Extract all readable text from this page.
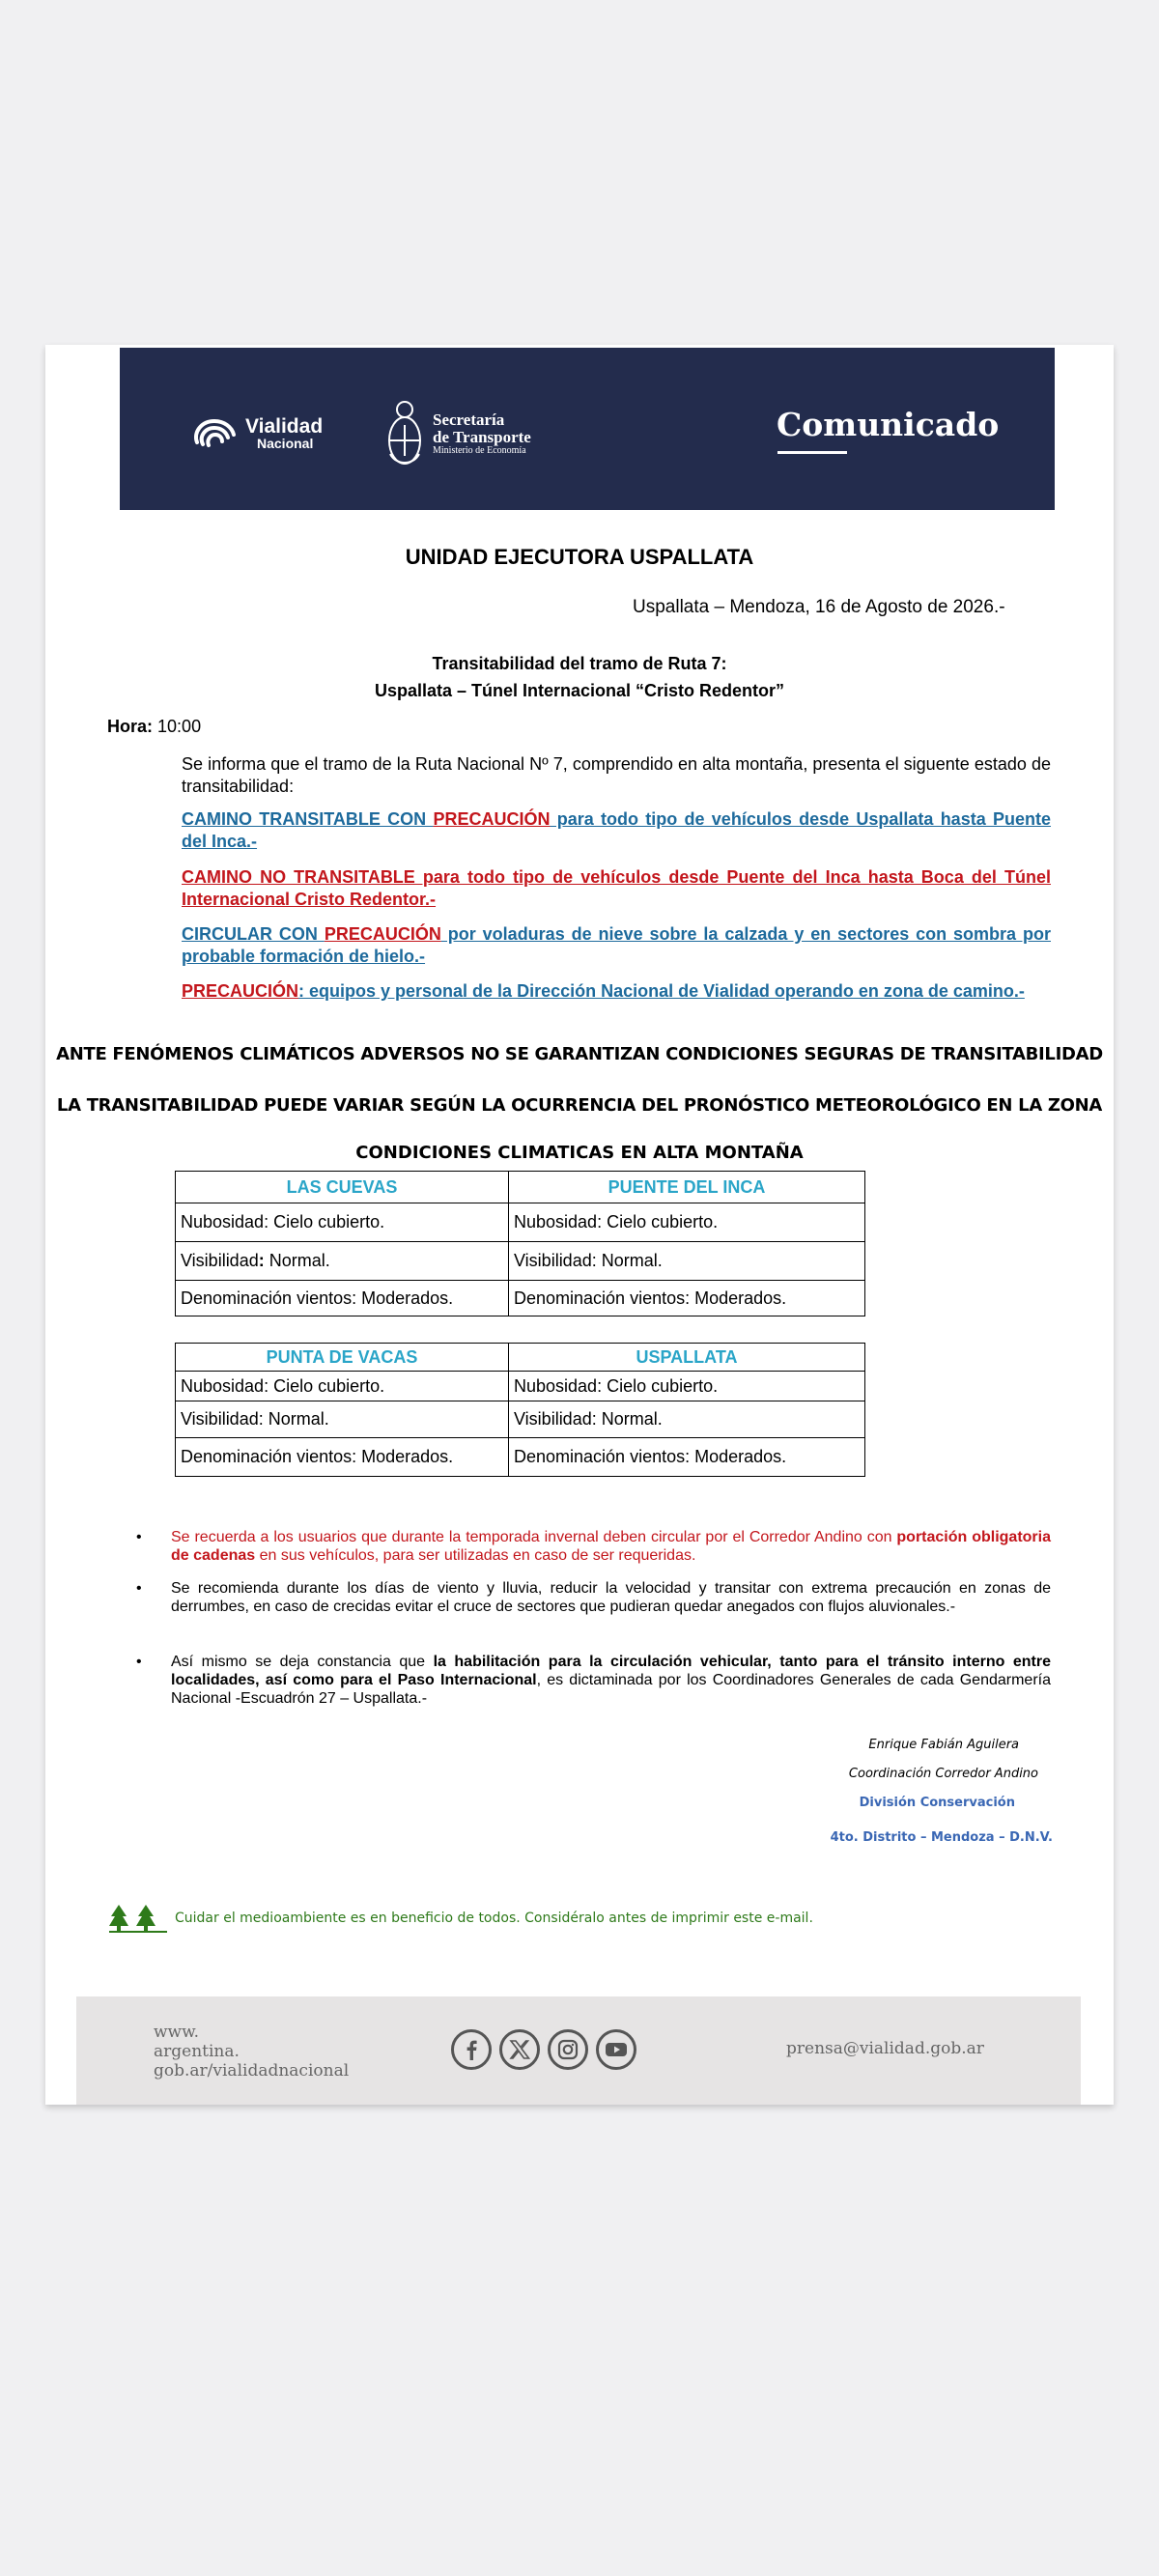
Vialidad
Nacional
Secretaría
de Transporte
Ministerio de Economía
Comunicado
UNIDAD EJECUTORA USPALLATA
Uspallata – Mendoza, 16 de Agosto de 2026.-
Transitabilidad del tramo de Ruta 7:
Uspallata – Túnel Internacional “Cristo Redentor”
Hora: 10:00
Se informa que el tramo de la Ruta Nacional Nº 7, comprendido en alta montaña, presenta el siguente estado de transitabilidad:
CAMINO TRANSITABLE CON PRECAUCIÓN para todo tipo de vehículos desde Uspallata hasta Puente del Inca.-
CAMINO NO TRANSITABLE para todo tipo de vehículos desde Puente del Inca hasta Boca del Túnel Internacional Cristo Redentor.-
CIRCULAR CON PRECAUCIÓN por voladuras de nieve sobre la calzada y en sectores con sombra por probable formación de hielo.-
PRECAUCIÓN: equipos y personal de la Dirección Nacional de Vialidad operando en zona de camino.-
ANTE FENÓMENOS CLIMÁTICOS ADVERSOS NO SE GARANTIZAN CONDICIONES SEGURAS DE TRANSITABILIDAD
LA TRANSITABILIDAD PUEDE VARIAR SEGÚN LA OCURRENCIA DEL PRONÓSTICO METEOROLÓGICO EN LA ZONA
CONDICIONES CLIMATICAS EN ALTA MONTAÑA
LAS CUEVAS	PUENTE DEL INCA
Nubosidad: Cielo cubierto.	Nubosidad: Cielo cubierto.
Visibilidad: Normal.	Visibilidad: Normal.
Denominación vientos: Moderados.	Denominación vientos: Moderados.
PUNTA DE VACAS	USPALLATA
Nubosidad: Cielo cubierto.	Nubosidad: Cielo cubierto.
Visibilidad: Normal.	Visibilidad: Normal.
Denominación vientos: Moderados.	Denominación vientos: Moderados.
• Se recuerda a los usuarios que durante la temporada invernal deben circular por el Corredor Andino con portación obligatoria de cadenas en sus vehículos, para ser utilizadas en caso de ser requeridas.
• Se recomienda durante los días de viento y lluvia, reducir la velocidad y transitar con extrema precaución en zonas de derrumbes, en caso de crecidas evitar el cruce de sectores que pudieran quedar anegados con flujos aluvionales.-
• Así mismo se deja constancia que la habilitación para la circulación vehicular, tanto para el tránsito interno entre localidades, así como para el Paso Internacional, es dictaminada por los Coordinadores Generales de cada Gendarmería Nacional -Escuadrón 27 – Uspallata.-
Enrique Fabián Aguilera
Coordinación Corredor Andino
División Conservación
4to. Distrito – Mendoza – D.N.V.
Cuidar el medioambiente es en beneficio de todos. Considéralo antes de imprimir este e-mail.
www.
argentina.
gob.ar/vialidadnacional
prensa@vialidad.gob.ar
